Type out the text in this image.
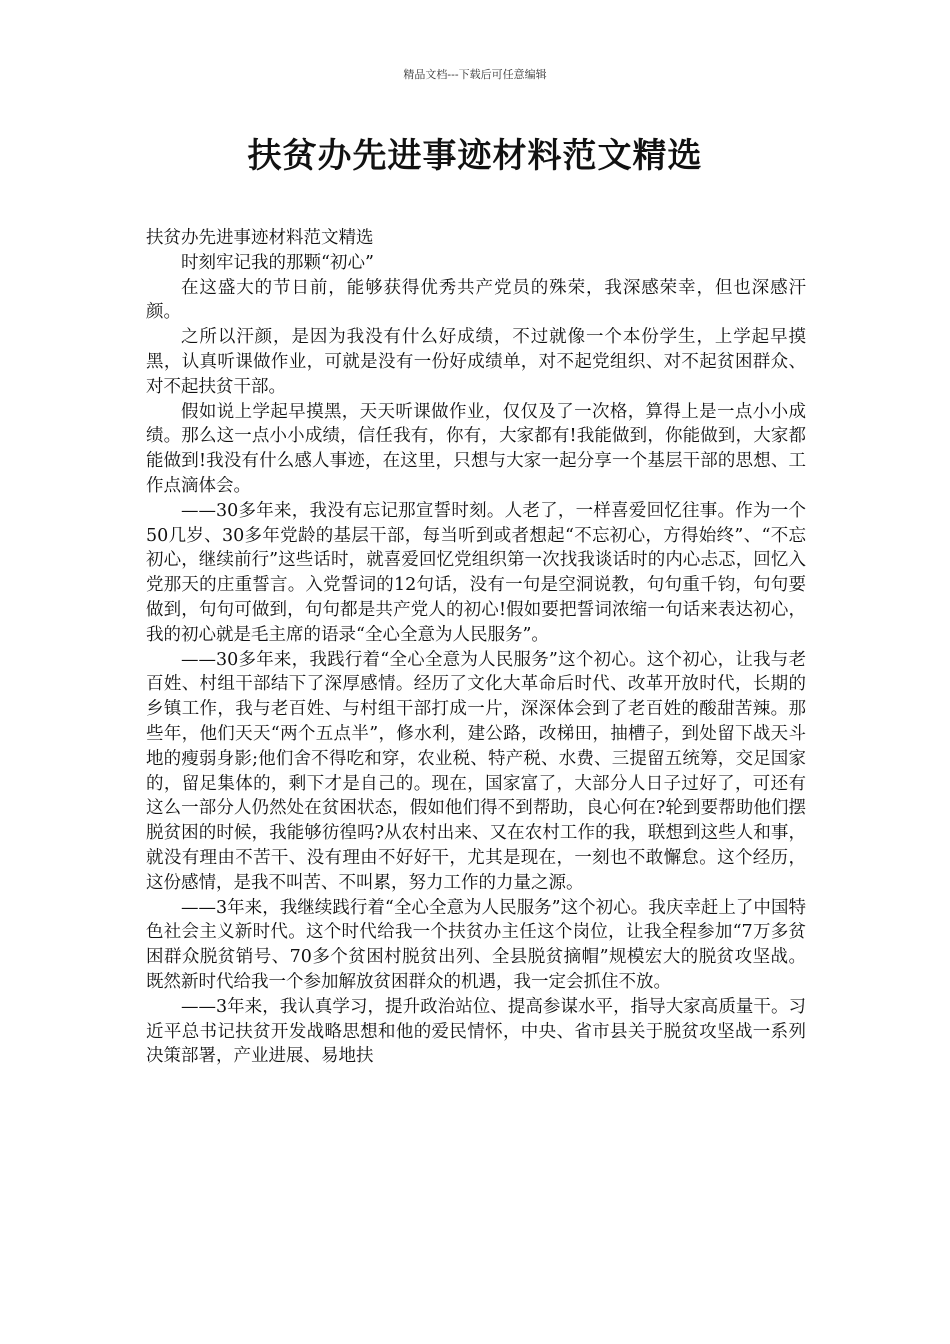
精品文档---下载后可任意编辑
扶贫办先进事迹材料范文精选

扶贫办先进事迹材料范文精选

时刻牢记我的那颗“初心”

在这盛大的节日前，能够获得优秀共产党员的殊荣，我深感荣幸，但也深感汗颜。

之所以汗颜，是因为我没有什么好成绩，不过就像一个本份学生，上学起早摸黑，认真听课做作业，可就是没有一份好成绩单，对不起党组织、对不起贫困群众、对不起扶贫干部。

假如说上学起早摸黑，天天听课做作业，仅仅及了一次格，算得上是一点小小成绩。那么这一点小小成绩，信任我有，你有，大家都有!我能做到，你能做到，大家都能做到!我没有什么感人事迹，在这里，只想与大家一起分享一个基层干部的思想、工作点滴体会。

——30多年来，我没有忘记那宣誓时刻。人老了，一样喜爱回忆往事。作为一个50几岁、30多年党龄的基层干部，每当听到或者想起“不忘初心，方得始终”、“不忘初心，继续前行”这些话时，就喜爱回忆党组织第一次找我谈话时的内心忐忑，回忆入党那天的庄重誓言。入党誓词的12句话，没有一句是空洞说教，句句重千钧，句句要做到，句句可做到，句句都是共产党人的初心!假如要把誓词浓缩一句话来表达初心，我的初心就是毛主席的语录“全心全意为人民服务”。

——30多年来，我践行着“全心全意为人民服务”这个初心。这个初心，让我与老百姓、村组干部结下了深厚感情。经历了文化大革命后时代、改革开放时代，长期的乡镇工作，我与老百姓、与村组干部打成一片，深深体会到了老百姓的酸甜苦辣。那些年，他们天天“两个五点半”，修水利，建公路，改梯田，抽槽子，到处留下战天斗地的瘦弱身影;他们舍不得吃和穿，农业税、特产税、水费、三提留五统筹，交足国家的，留足集体的，剩下才是自己的。现在，国家富了，大部分人日子过好了，可还有这么一部分人仍然处在贫困状态，假如他们得不到帮助，良心何在?轮到要帮助他们摆脱贫困的时候，我能够彷徨吗?从农村出来、又在农村工作的我，联想到这些人和事，就没有理由不苦干、没有理由不好好干，尤其是现在，一刻也不敢懈怠。这个经历，这份感情，是我不叫苦、不叫累，努力工作的力量之源。

——3年来，我继续践行着“全心全意为人民服务”这个初心。我庆幸赶上了中国特色社会主义新时代。这个时代给我一个扶贫办主任这个岗位，让我全程参加“7万多贫困群众脱贫销号、70多个贫困村脱贫出列、全县脱贫摘帽”规模宏大的脱贫攻坚战。既然新时代给我一个参加解放贫困群众的机遇，我一定会抓住不放。

——3年来，我认真学习，提升政治站位、提高参谋水平，指导大家高质量干。习近平总书记扶贫开发战略思想和他的爱民情怀，中央、省市县关于脱贫攻坚战一系列决策部署，产业进展、易地扶
